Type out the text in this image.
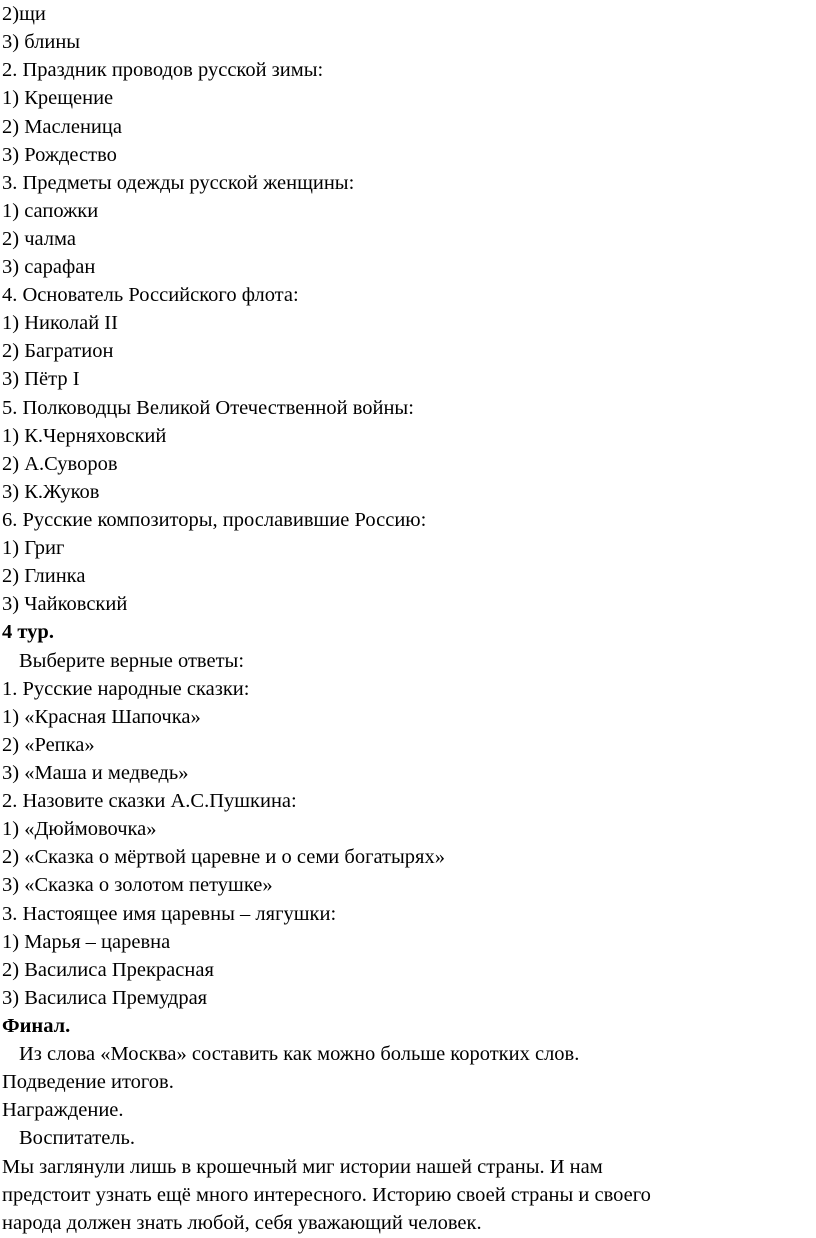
2)щи
3) блины
2. Праздник проводов русской зимы:
1) Крещение
2) Масленица
3) Рождество
3. Предметы одежды русской женщины:
1) сапожки
2) чалма
3) сарафан
4. Основатель Российского флота:
1) Николай II
2) Багратион
3) Пётр I
5. Полководцы Великой Отечественной войны:
1) К.Черняховский
2) А.Суворов
3) К.Жуков
6. Русские композиторы, прославившие Россию:
1) Григ
2) Глинка
3) Чайковский
4 тур.
Выберите верные ответы:
1. Русские народные сказки:
1) «Красная Шапочка»
2) «Репка»
3) «Маша и медведь»
2. Назовите сказки А.С.Пушкина:
1) «Дюймовочка»
2) «Сказка о мёртвой царевне и о семи богатырях»
3) «Сказка о золотом петушке»
3. Настоящее имя царевны – лягушки:
1) Марья – царевна
2) Василиса Прекрасная
3) Василиса Премудрая
Финал.
Из слова «Москва» составить как можно больше коротких слов.
Подведение итогов.
Награждение.
Воспитатель.
Мы заглянули лишь в крошечный миг истории нашей страны. И нам
предстоит узнать ещё много интересного. Историю своей страны и своего
народа должен знать любой, себя уважающий человек.
